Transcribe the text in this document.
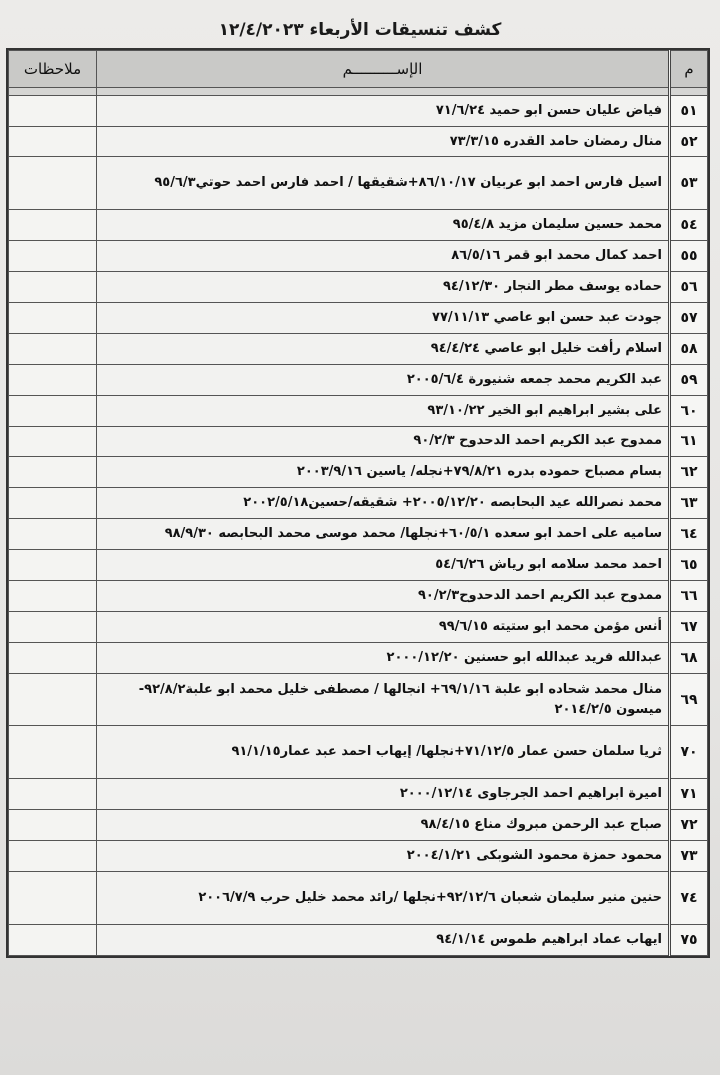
كشف تنسيقات الأربعاء ١٢/٤/٢٠٢٣
م	الإســــــــــم	ملاحظات

٥١	فياض عليان حسن ابو حميد ٧١/٦/٢٤	
٥٢	منال رمضان حامد القدره ٧٣/٣/١٥	
٥٣	اسيل فارس احمد ابو عربيان ٨٦/١٠/١٧+شقيقها / احمد فارس احمد حوتي٩٥/٦/٣	
٥٤	محمد حسين سليمان مزيد ٩٥/٤/٨	
٥٥	احمد كمال محمد ابو قمر ٨٦/٥/١٦	
٥٦	حماده يوسف مطر النجار ٩٤/١٢/٣٠	
٥٧	جودت عبد حسن ابو عاصي ٧٧/١١/١٣	
٥٨	اسلام رأفت خليل ابو عاصي ٩٤/٤/٢٤	
٥٩	عبد الكريم محمد جمعه شنيورة ٢٠٠٥/٦/٤	
٦٠	على بشير ابراهيم ابو الخير ٩٣/١٠/٢٢	
٦١	ممدوح عبد الكريم احمد الدحدوح ٩٠/٢/٣	
٦٢	بسام مصباح حموده بدره ٧٩/٨/٢١+نجله/ ياسين ٢٠٠٣/٩/١٦	
٦٣	محمد نصرالله عيد البحابصه ٢٠٠٥/١٢/٢٠+ شقيقه/حسين٢٠٠٢/٥/١٨	
٦٤	ساميه على احمد ابو سعده ٦٠/٥/١+نجلها/ محمد موسى محمد البحابصه ٩٨/٩/٣٠	
٦٥	احمد محمد سلامه ابو رياش ٥٤/٦/٢٦	
٦٦	ممدوح عبد الكريم احمد الدحدوح٩٠/٢/٣	
٦٧	أنس مؤمن محمد ابو ستيته ٩٩/٦/١٥	
٦٨	عبدالله فريد عبدالله ابو حسنين ٢٠٠٠/١٢/٢٠	
٦٩	منال محمد شحاده ابو علبة ٦٩/١/١٦+ انجالها / مصطفى خليل محمد ابو علبة٩٢/٨/٢- ميسون ٢٠١٤/٢/٥	
٧٠	ثريا سلمان حسن عمار ٧١/١٢/٥+نجلها/ إيهاب احمد عبد عمار٩١/١/١٥	
٧١	اميرة ابراهيم احمد الجرجاوى ٢٠٠٠/١٢/١٤	
٧٢	صباح عبد الرحمن مبروك مناع ٩٨/٤/١٥	
٧٣	محمود حمزة محمود الشوبكى ٢٠٠٤/١/٢١	
٧٤	حنين منير سليمان شعبان ٩٢/١٢/٦+نجلها /رائد محمد خليل حرب ٢٠٠٦/٧/٩	
٧٥	ايهاب عماد ابراهيم طموس ٩٤/١/١٤	
